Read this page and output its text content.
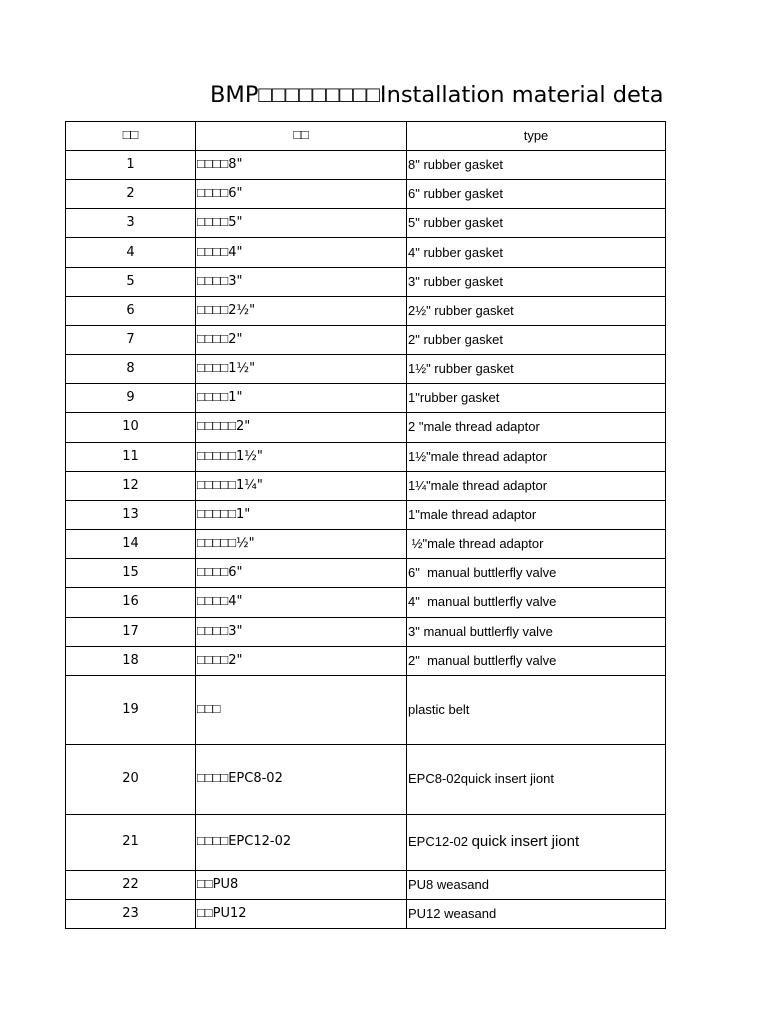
BMP□□□□□□□□□Installation material deta
□□	□□	type
1	□□□□8"	8" rubber gasket
2	□□□□6"	6" rubber gasket
3	□□□□5"	5" rubber gasket
4	□□□□4"	4" rubber gasket
5	□□□□3"	3" rubber gasket
6	□□□□2½"	2½" rubber gasket
7	□□□□2"	2" rubber gasket
8	□□□□1½"	1½" rubber gasket
9	□□□□1"	1"rubber gasket
10	□□□□□2"	2 "male thread adaptor
11	□□□□□1½"	1½"male thread adaptor
12	□□□□□1¼"	1¼"male thread adaptor
13	□□□□□1"	1"male thread adaptor
14	□□□□□½"	½"male thread adaptor
15	□□□□6"	6"  manual buttlerfly valve
16	□□□□4"	4"  manual buttlerfly valve
17	□□□□3"	3" manual buttlerfly valve
18	□□□□2"	2"  manual buttlerfly valve
19	□□□	plastic belt
20	□□□□EPC8-02	EPC8-02quick insert jiont
21	□□□□EPC12-02	EPC12-02 quick insert jiont
22	□□PU8	PU8 weasand
23	□□PU12	PU12 weasand
